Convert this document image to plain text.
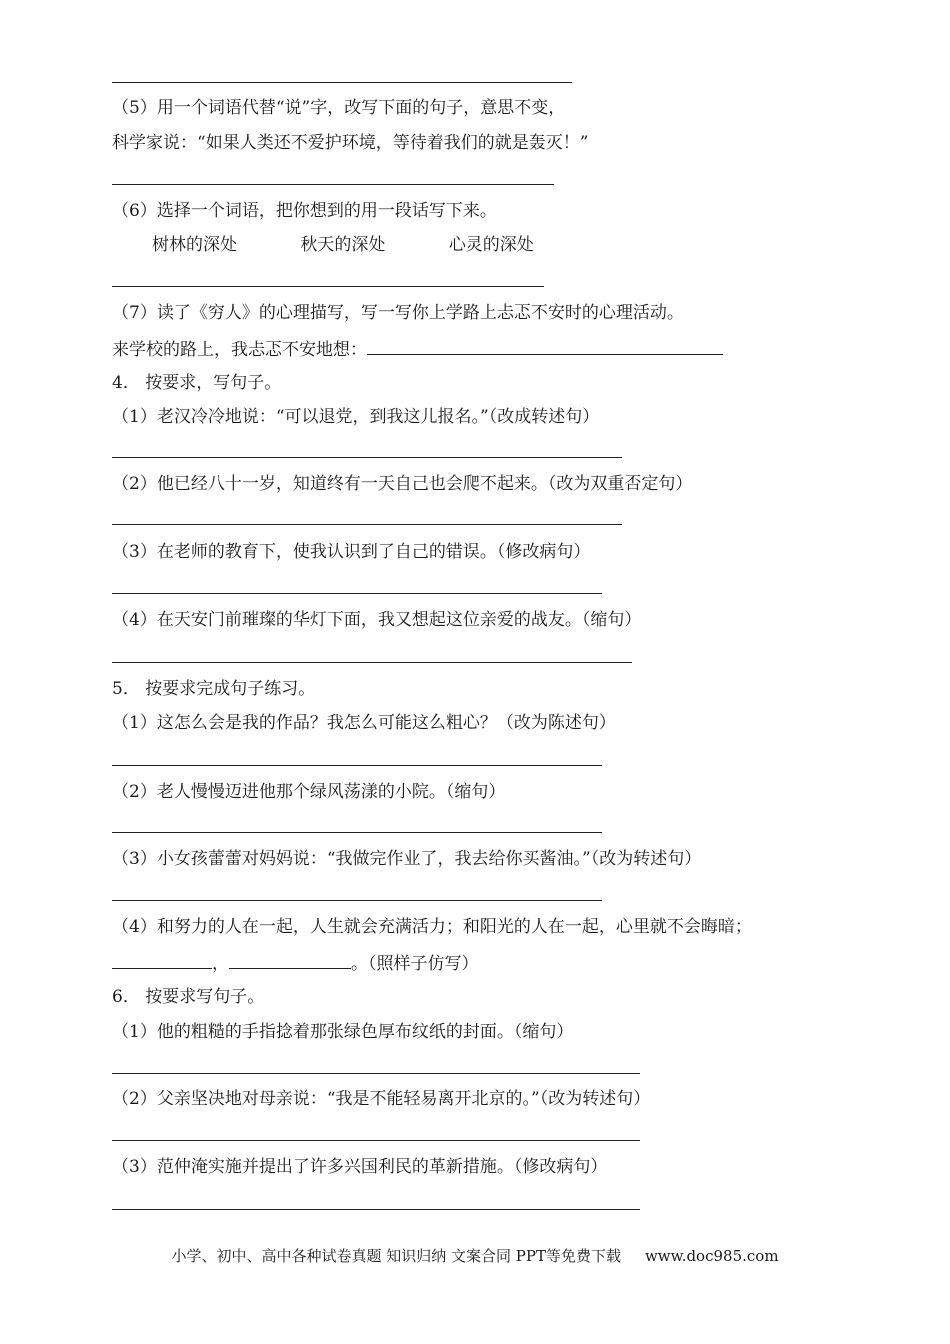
（5）用一个词语代替“说”字，改写下面的句子，意思不变，
科学家说：“如果人类还不爱护环境，等待着我们的就是轰灭！”
（6）选择一个词语，把你想到的用一段话写下来。
树林的深处	秋天的深处	心灵的深处
（7）读了《穷人》的心理描写，写一写你上学路上忐忑不安时的心理活动。
来学校的路上，我忐忑不安地想：
4． 按要求，写句子。
（1）老汉冷冷地说：“可以退党，到我这儿报名。”（改成转述句）
（2）他已经八十一岁，知道终有一天自己也会爬不起来。（改为双重否定句）
（3）在老师的教育下，使我认识到了自己的错误。（修改病句）
（4）在天安门前璀璨的华灯下面，我又想起这位亲爱的战友。（缩句）
5． 按要求完成句子练习。
（1）这怎么会是我的作品？我怎么可能这么粗心？（改为陈述句）
（2）老人慢慢迈进他那个绿风荡漾的小院。（缩句）
（3）小女孩蕾蕾对妈妈说：“我做完作业了，我去给你买酱油。”（改为转述句）
（4）和努力的人在一起，人生就会充满活力；和阳光的人在一起，心里就不会晦暗；
，	。（照样子仿写）
6． 按要求写句子。
（1）他的粗糙的手指捻着那张绿色厚布纹纸的封面。（缩句）
（2）父亲坚决地对母亲说：“我是不能轻易离开北京的。”（改为转述句）
（3）范仲淹实施并提出了许多兴国利民的革新措施。（修改病句）
小学、初中、高中各种试卷真题 知识归纳 文案合同 PPT等免费下载 www.doc985.com
